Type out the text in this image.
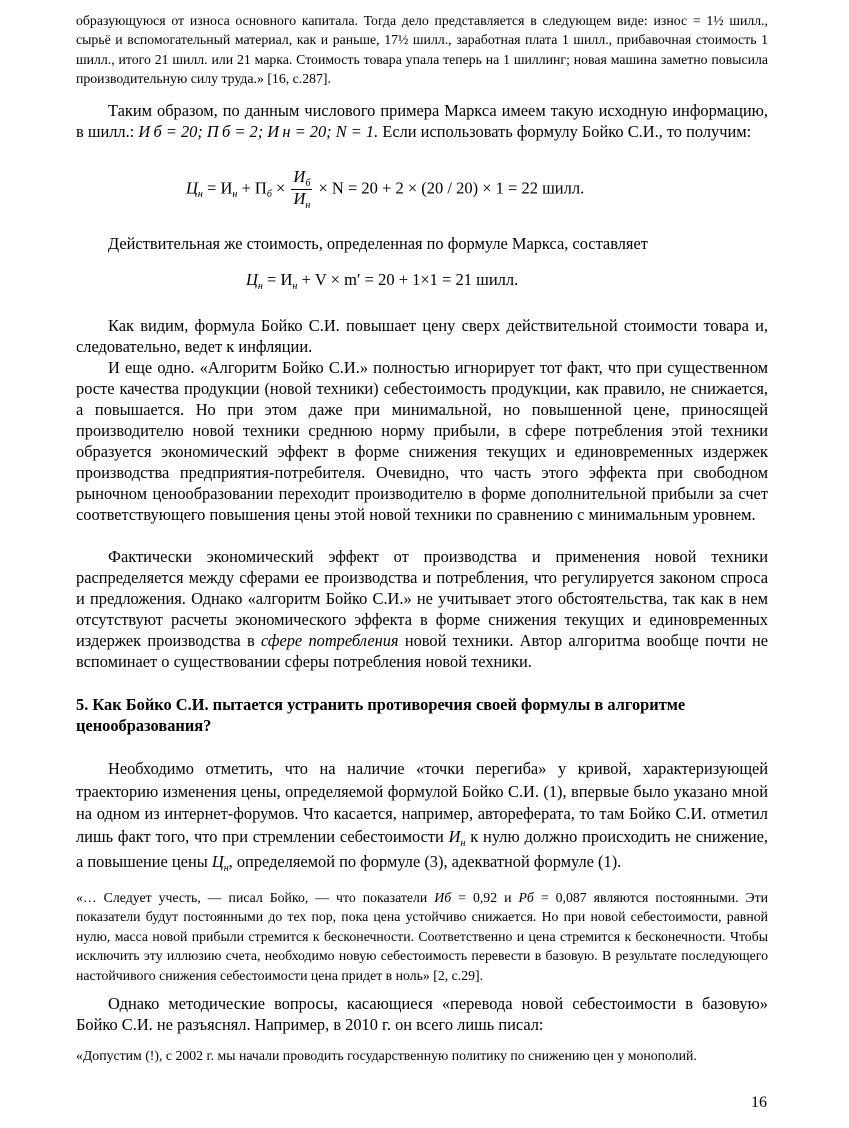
образующуюся от износа основного капитала. Тогда дело представляется в следующем виде: износ = 1½ шилл., сырьё и вспомогательный материал, как и раньше, 17½ шилл., заработная плата 1 шилл., прибавочная стоимость 1 шилл., итого 21 шилл. или 21 марка. Стоимость товара упала теперь на 1 шиллинг; новая машина заметно повысила производительную силу труда.» [16, с.287].
Таким образом, по данным числового примера Маркса имеем такую исходную информацию, в шилл.: И б = 20; П б = 2; И н = 20; N = 1. Если использовать формулу Бойко С.И., то получим:
$Ц_н = И_н + П_б \times \frac{И_б}{И_н} \times N = 20 + 2 \times (20 / 20) \times 1 = 22$ шилл.
Действительная же стоимость, определенная по формуле Маркса, составляет
$Ц_н = И_н + V \times m' = 20 + 1\times 1 = 21$ шилл.
Как видим, формула Бойко С.И. повышает цену сверх действительной стоимости товара и, следовательно, ведет к инфляции.
И еще одно. «Алгоритм Бойко С.И.» полностью игнорирует тот факт, что при существенном росте качества продукции (новой техники) себестоимость продукции, как правило, не снижается, а повышается. Но при этом даже при минимальной, но повышенной цене, приносящей производителю новой техники среднюю норму прибыли, в сфере потребления этой техники образуется экономический эффект в форме снижения текущих и единовременных издержек производства предприятия-потребителя. Очевидно, что часть этого эффекта при свободном рыночном ценообразовании переходит производителю в форме дополнительной прибыли за счет соответствующего повышения цены этой новой техники по сравнению с минимальным уровнем.
Фактически экономический эффект от производства и применения новой техники распределяется между сферами ее производства и потребления, что регулируется законом спроса и предложения. Однако «алгоритм Бойко С.И.» не учитывает этого обстоятельства, так как в нем отсутствуют расчеты экономического эффекта в форме снижения текущих и единовременных издержек производства в сфере потребления новой техники. Автор алгоритма вообще почти не вспоминает о существовании сферы потребления новой техники.
5. Как Бойко С.И. пытается устранить противоречия своей формулы в алгоритме ценообразования?
Необходимо отметить, что на наличие «точки перегиба» у кривой, характеризующей траекторию изменения цены, определяемой формулой Бойко С.И. (1), впервые было указано мной на одном из интернет-форумов. Что касается, например, автореферата, то там Бойко С.И. отметил лишь факт того, что при стремлении себестоимости $И_н$ к нулю должно происходить не снижение, а повышение цены $Ц_н$, определяемой по формуле (3), адекватной формуле (1).
«… Следует учесть, — писал Бойко, — что показатели Иб = 0,92 и Рб = 0,087 являются постоянными. Эти показатели будут постоянными до тех пор, пока цена устойчиво снижается. Но при новой себестоимости, равной нулю, масса новой прибыли стремится к бесконечности. Соответственно и цена стремится к бесконечности. Чтобы исключить эту иллюзию счета, необходимо новую себестоимость перевести в базовую. В результате последующего настойчивого снижения себестоимости цена придет в ноль» [2, с.29].
Однако методические вопросы, касающиеся «перевода новой себестоимости в базовую» Бойко С.И. не разъяснял. Например, в 2010 г. он всего лишь писал:
«Допустим (!), с 2002 г. мы начали проводить государственную политику по снижению цен у монополий.
16
